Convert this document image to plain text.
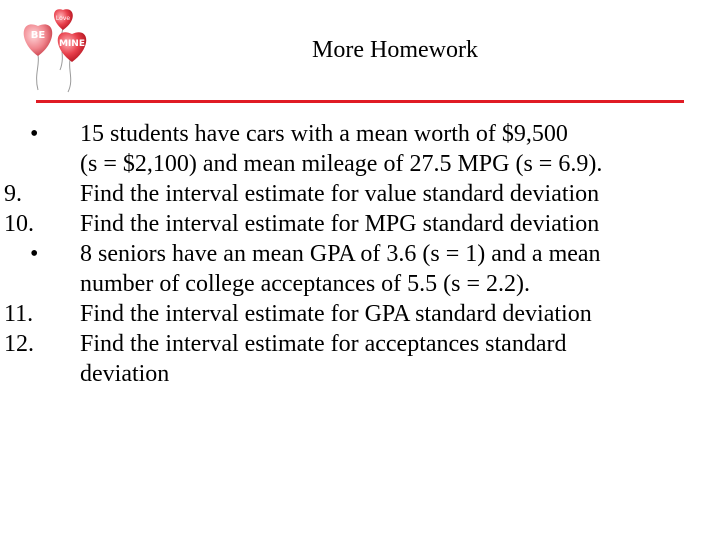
Love
BE
MINE	More Homework
•	15 students have cars with a mean worth of $9,500
(s = $2,100) and mean mileage of 27.5 MPG (s = 6.9).
9.	Find the interval estimate for value standard deviation
10.	Find the interval estimate for MPG standard deviation
•	8 seniors have an mean GPA of 3.6 (s = 1) and a mean
number of college acceptances of 5.5 (s = 2.2).
11.	Find the interval estimate for GPA standard deviation
12.	Find the interval estimate for acceptances standard
deviation
